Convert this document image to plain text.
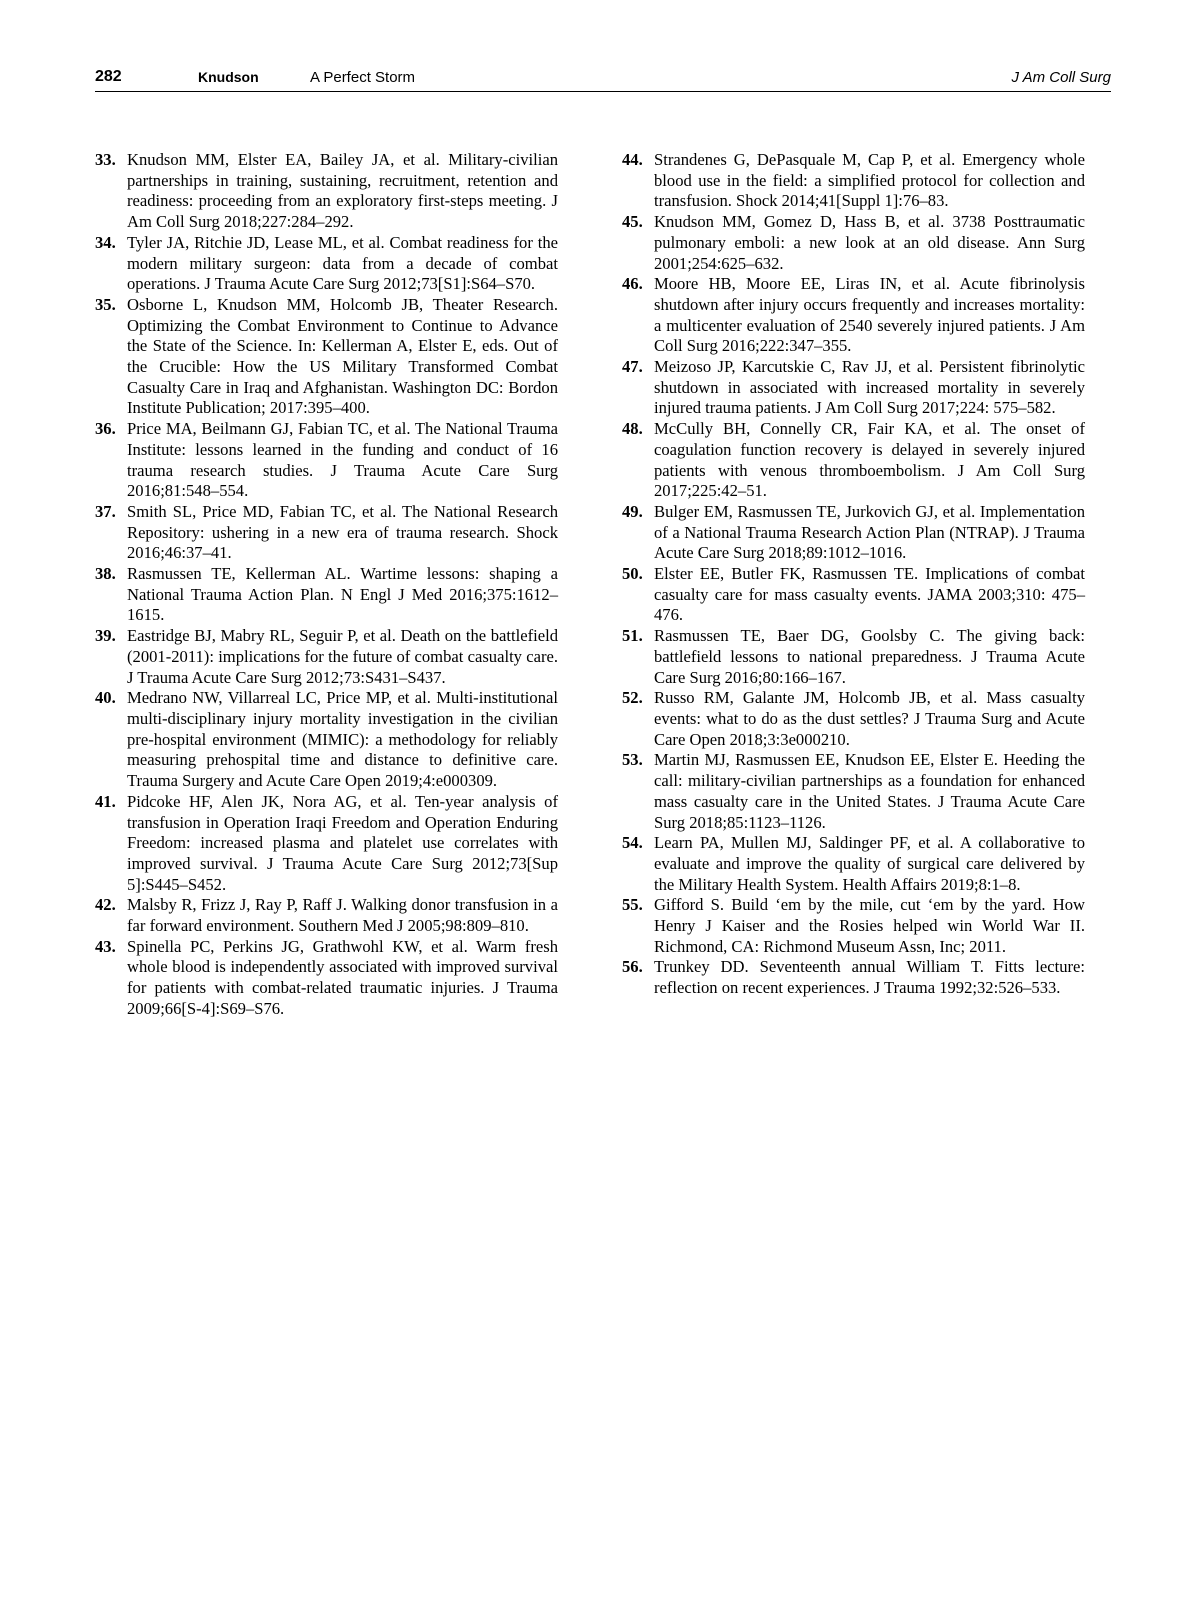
282	Knudson	A Perfect Storm	J Am Coll Surg
33. Knudson MM, Elster EA, Bailey JA, et al. Military-civilian partnerships in training, sustaining, recruitment, retention and readiness: proceeding from an exploratory first-steps meeting. J Am Coll Surg 2018;227:284–292.
34. Tyler JA, Ritchie JD, Lease ML, et al. Combat readiness for the modern military surgeon: data from a decade of combat operations. J Trauma Acute Care Surg 2012;73[S1]:S64–S70.
35. Osborne L, Knudson MM, Holcomb JB, Theater Research. Optimizing the Combat Environment to Continue to Advance the State of the Science. In: Kellerman A, Elster E, eds. Out of the Crucible: How the US Military Transformed Combat Casualty Care in Iraq and Afghanistan. Washington DC: Bordon Institute Publication; 2017:395–400.
36. Price MA, Beilmann GJ, Fabian TC, et al. The National Trauma Institute: lessons learned in the funding and conduct of 16 trauma research studies. J Trauma Acute Care Surg 2016;81:548–554.
37. Smith SL, Price MD, Fabian TC, et al. The National Research Repository: ushering in a new era of trauma research. Shock 2016;46:37–41.
38. Rasmussen TE, Kellerman AL. Wartime lessons: shaping a National Trauma Action Plan. N Engl J Med 2016;375:1612–1615.
39. Eastridge BJ, Mabry RL, Seguir P, et al. Death on the battlefield (2001-2011): implications for the future of combat casualty care. J Trauma Acute Care Surg 2012;73:S431–S437.
40. Medrano NW, Villarreal LC, Price MP, et al. Multi-institutional multi-disciplinary injury mortality investigation in the civilian pre-hospital environment (MIMIC): a methodology for reliably measuring prehospital time and distance to definitive care. Trauma Surgery and Acute Care Open 2019;4:e000309.
41. Pidcoke HF, Alen JK, Nora AG, et al. Ten-year analysis of transfusion in Operation Iraqi Freedom and Operation Enduring Freedom: increased plasma and platelet use correlates with improved survival. J Trauma Acute Care Surg 2012;73[Sup 5]:S445–S452.
42. Malsby R, Frizz J, Ray P, Raff J. Walking donor transfusion in a far forward environment. Southern Med J 2005;98:809–810.
43. Spinella PC, Perkins JG, Grathwohl KW, et al. Warm fresh whole blood is independently associated with improved survival for patients with combat-related traumatic injuries. J Trauma 2009;66[S-4]:S69–S76.
44. Strandenes G, DePasquale M, Cap P, et al. Emergency whole blood use in the field: a simplified protocol for collection and transfusion. Shock 2014;41[Suppl 1]:76–83.
45. Knudson MM, Gomez D, Hass B, et al. 3738 Posttraumatic pulmonary emboli: a new look at an old disease. Ann Surg 2001;254:625–632.
46. Moore HB, Moore EE, Liras IN, et al. Acute fibrinolysis shutdown after injury occurs frequently and increases mortality: a multicenter evaluation of 2540 severely injured patients. J Am Coll Surg 2016;222:347–355.
47. Meizoso JP, Karcutskie C, Rav JJ, et al. Persistent fibrinolytic shutdown in associated with increased mortality in severely injured trauma patients. J Am Coll Surg 2017;224: 575–582.
48. McCully BH, Connelly CR, Fair KA, et al. The onset of coagulation function recovery is delayed in severely injured patients with venous thromboembolism. J Am Coll Surg 2017;225:42–51.
49. Bulger EM, Rasmussen TE, Jurkovich GJ, et al. Implementation of a National Trauma Research Action Plan (NTRAP). J Trauma Acute Care Surg 2018;89:1012–1016.
50. Elster EE, Butler FK, Rasmussen TE. Implications of combat casualty care for mass casualty events. JAMA 2003;310: 475–476.
51. Rasmussen TE, Baer DG, Goolsby C. The giving back: battlefield lessons to national preparedness. J Trauma Acute Care Surg 2016;80:166–167.
52. Russo RM, Galante JM, Holcomb JB, et al. Mass casualty events: what to do as the dust settles? J Trauma Surg and Acute Care Open 2018;3:3e000210.
53. Martin MJ, Rasmussen EE, Knudson EE, Elster E. Heeding the call: military-civilian partnerships as a foundation for enhanced mass casualty care in the United States. J Trauma Acute Care Surg 2018;85:1123–1126.
54. Learn PA, Mullen MJ, Saldinger PF, et al. A collaborative to evaluate and improve the quality of surgical care delivered by the Military Health System. Health Affairs 2019;8:1–8.
55. Gifford S. Build ‘em by the mile, cut ‘em by the yard. How Henry J Kaiser and the Rosies helped win World War II. Richmond, CA: Richmond Museum Assn, Inc; 2011.
56. Trunkey DD. Seventeenth annual William T. Fitts lecture: reflection on recent experiences. J Trauma 1992;32:526–533.
